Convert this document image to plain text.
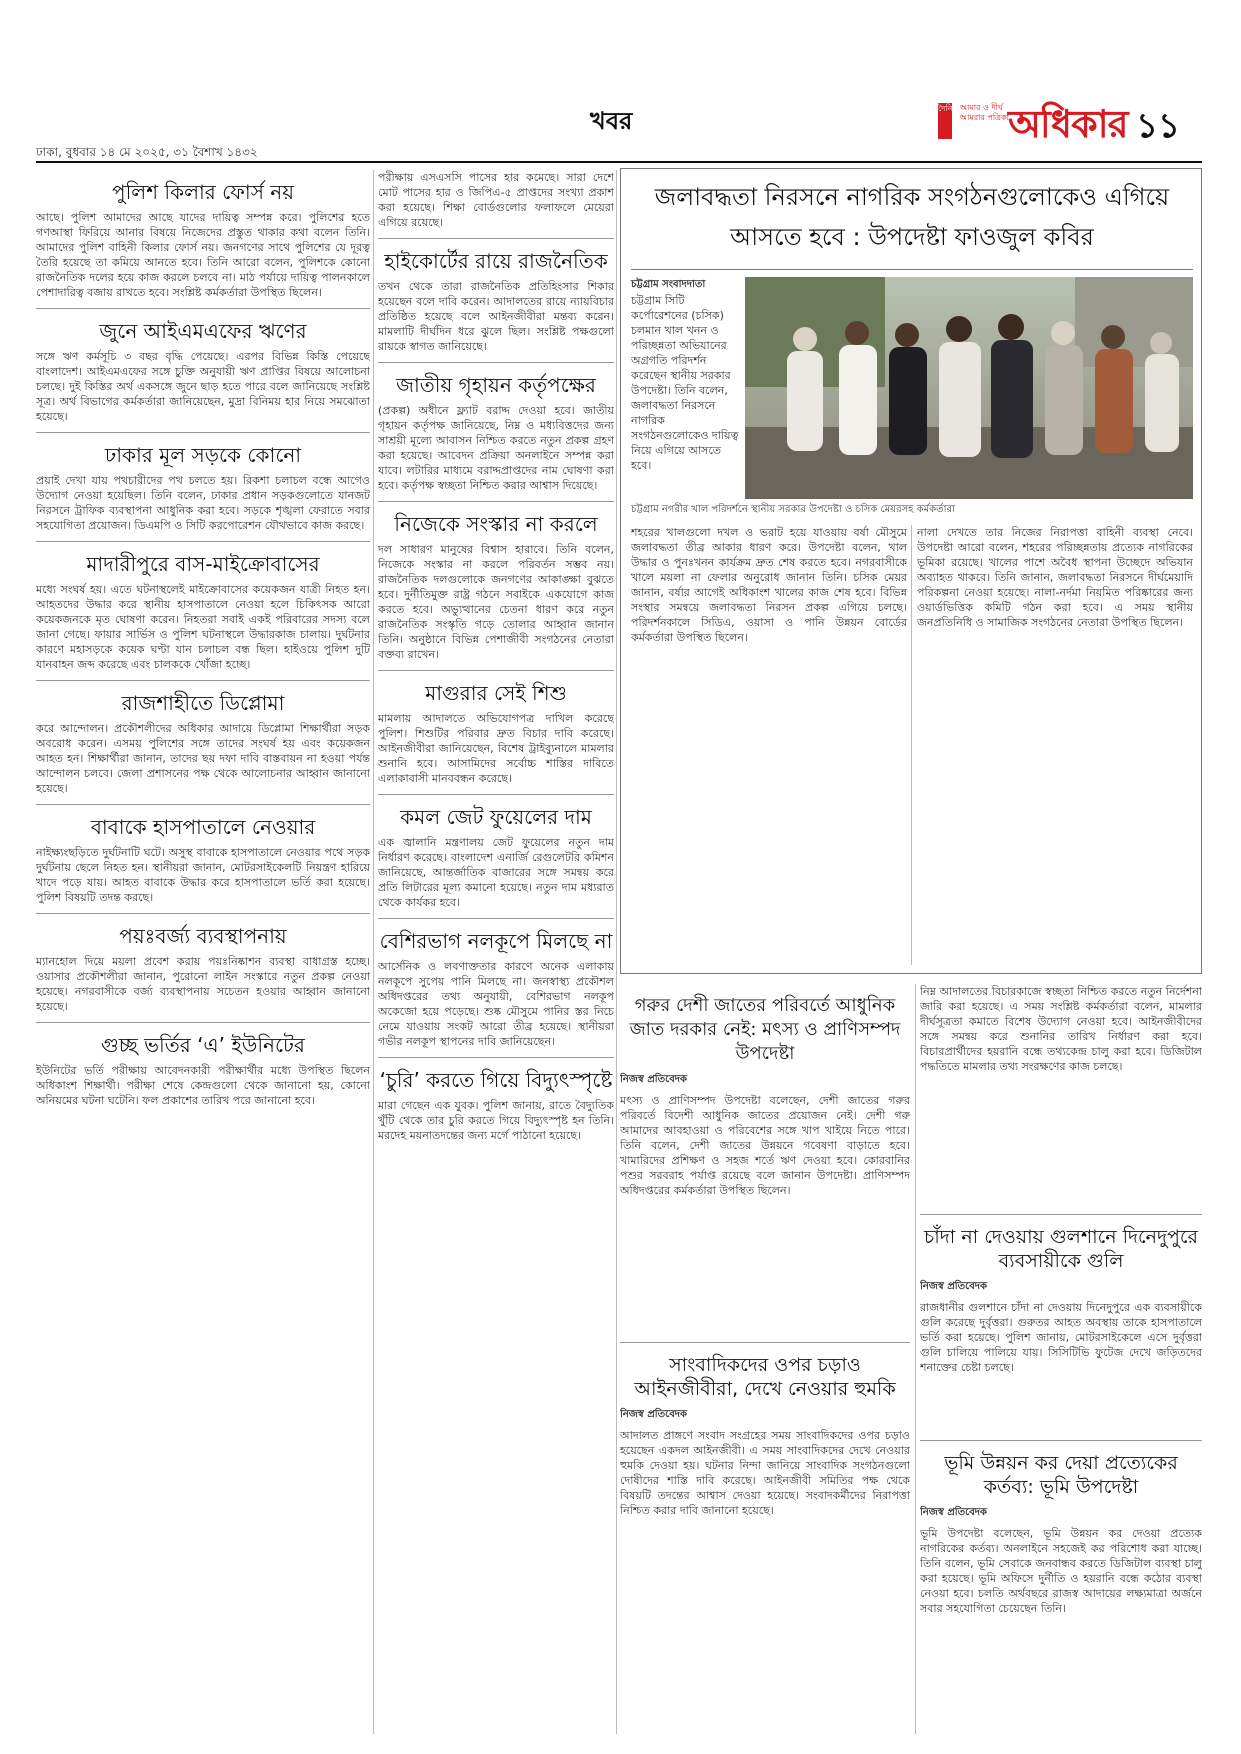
খবর
ঢাকা, বুধবার ১৪ মে ২০২৫, ৩১ বৈশাখ ১৪৩২
দৈনিক আমার ও দীর্ঘ আমরার পত্রিকা অধিকার ১১
পুলিশ কিলার ফোর্স নয়

আছে। পুলিশ আমাদের আছে যাদের দায়িত্ব সম্পন্ন করে। পুলিশের হতে গণআস্থা ফিরিয়ে আনার বিষয়ে নিজেদের প্রস্তুত থাকার কথা বলেন তিনি। আমাদের পুলিশ বাহিনী কিলার ফোর্স নয়। জনগণের সাথে পুলিশের যে দূরত্ব তৈরি হয়েছে তা কমিয়ে আনতে হবে। তিনি আরো বলেন, পুলিশকে কোনো রাজনৈতিক দলের হয়ে কাজ করলে চলবে না। মাঠ পর্যায়ে দায়িত্ব পালনকালে পেশাদারিত্ব বজায় রাখতে হবে। সংশ্লিষ্ট কর্মকর্তারা উপস্থিত ছিলেন।

জুনে আইএমএফের ঋণের

সঙ্গে ঋণ কর্মসূচি ৩ বছর বৃদ্ধি পেয়েছে। এরপর বিভিন্ন কিস্তি পেয়েছে বাংলাদেশ। আইএমএফের সঙ্গে চুক্তি অনুযায়ী ঋণ প্রাপ্তির বিষয়ে আলোচনা চলছে। দুই কিস্তির অর্থ একসঙ্গে জুনে ছাড় হতে পারে বলে জানিয়েছে সংশ্লিষ্ট সূত্র। অর্থ বিভাগের কর্মকর্তারা জানিয়েছেন, মুদ্রা বিনিময় হার নিয়ে সমঝোতা হয়েছে।

ঢাকার মূল সড়কে কোনো

প্রয়াই দেখা যায় পথচারীদের পথ চলতে হয়। রিকশা চলাচল বন্ধে আগেও উদ্যোগ নেওয়া হয়েছিল। তিনি বলেন, ঢাকার প্রধান সড়কগুলোতে যানজট নিরসনে ট্রাফিক ব্যবস্থাপনা আধুনিক করা হবে। সড়কে শৃঙ্খলা ফেরাতে সবার সহযোগিতা প্রয়োজন। ডিএমপি ও সিটি করপোরেশন যৌথভাবে কাজ করছে।

মাদারীপুরে বাস-মাইক্রোবাসের

মধ্যে সংঘর্ষ হয়। এতে ঘটনাস্থলেই মাইক্রোবাসের কয়েকজন যাত্রী নিহত হন। আহতদের উদ্ধার করে স্থানীয় হাসপাতালে নেওয়া হলে চিকিৎসক আরো কয়েকজনকে মৃত ঘোষণা করেন। নিহতরা সবাই একই পরিবারের সদস্য বলে জানা গেছে। ফায়ার সার্ভিস ও পুলিশ ঘটনাস্থলে উদ্ধারকাজ চালায়। দুর্ঘটনার কারণে মহাসড়কে কয়েক ঘণ্টা যান চলাচল বন্ধ ছিল। হাইওয়ে পুলিশ দুটি যানবাহন জব্দ করেছে এবং চালককে খোঁজা হচ্ছে।

রাজশাহীতে ডিপ্লোমা

করে আন্দোলন। প্রকৌশলীদের অধিকার আদায়ে ডিপ্লোমা শিক্ষার্থীরা সড়ক অবরোধ করেন। এসময় পুলিশের সঙ্গে তাদের সংঘর্ষ হয় এবং কয়েকজন আহত হন। শিক্ষার্থীরা জানান, তাদের ছয় দফা দাবি বাস্তবায়ন না হওয়া পর্যন্ত আন্দোলন চলবে। জেলা প্রশাসনের পক্ষ থেকে আলোচনার আহ্বান জানানো হয়েছে।

বাবাকে হাসপাতালে নেওয়ার

নাইক্ষ্যংছড়িতে দুর্ঘটনাটি ঘটে। অসুস্থ বাবাকে হাসপাতালে নেওয়ার পথে সড়ক দুর্ঘটনায় ছেলে নিহত হন। স্থানীয়রা জানান, মোটরসাইকেলটি নিয়ন্ত্রণ হারিয়ে খাদে পড়ে যায়। আহত বাবাকে উদ্ধার করে হাসপাতালে ভর্তি করা হয়েছে। পুলিশ বিষয়টি তদন্ত করছে।

পয়ঃবর্জ্য ব্যবস্থাপনায়

ম্যানহোল দিয়ে ময়লা প্রবেশ করায় পয়ঃনিষ্কাশন ব্যবস্থা বাধাগ্রস্ত হচ্ছে। ওয়াসার প্রকৌশলীরা জানান, পুরোনো লাইন সংস্কারে নতুন প্রকল্প নেওয়া হয়েছে। নগরবাসীকে বর্জ্য ব্যবস্থাপনায় সচেতন হওয়ার আহ্বান জানানো হয়েছে।

গুচ্ছ ভর্তির ‘এ’ ইউনিটের

ইউনিটের ভর্তি পরীক্ষায় আবেদনকারী পরীক্ষার্থীর মধ্যে উপস্থিত ছিলেন অধিকাংশ শিক্ষার্থী। পরীক্ষা শেষে কেন্দ্রগুলো থেকে জানানো হয়, কোনো অনিয়মের ঘটনা ঘটেনি। ফল প্রকাশের তারিখ পরে জানানো হবে।

পরীক্ষায় এসএসসি পাসের হার কমেছে। সারা দেশে মোট পাসের হার ও জিপিএ-৫ প্রাপ্তদের সংখ্যা প্রকাশ করা হয়েছে। শিক্ষা বোর্ডগুলোর ফলাফলে মেয়েরা এগিয়ে রয়েছে।

হাইকোর্টের রায়ে রাজনৈতিক

তখন থেকে তারা রাজনৈতিক প্রতিহিংসার শিকার হয়েছেন বলে দাবি করেন। আদালতের রায়ে ন্যায়বিচার প্রতিষ্ঠিত হয়েছে বলে আইনজীবীরা মন্তব্য করেন। মামলাটি দীর্ঘদিন ধরে ঝুলে ছিল। সংশ্লিষ্ট পক্ষগুলো রায়কে স্বাগত জানিয়েছে।

জাতীয় গৃহায়ন কর্তৃপক্ষের

(প্রকল্প) অধীনে ফ্ল্যাট বরাদ্দ দেওয়া হবে। জাতীয় গৃহায়ন কর্তৃপক্ষ জানিয়েছে, নিম্ন ও মধ্যবিত্তদের জন্য সাশ্রয়ী মূল্যে আবাসন নিশ্চিত করতে নতুন প্রকল্প গ্রহণ করা হয়েছে। আবেদন প্রক্রিয়া অনলাইনে সম্পন্ন করা যাবে। লটারির মাধ্যমে বরাদ্দপ্রাপ্তদের নাম ঘোষণা করা হবে। কর্তৃপক্ষ স্বচ্ছতা নিশ্চিত করার আশ্বাস দিয়েছে।

নিজেকে সংস্কার না করলে

দল সাধারণ মানুষের বিশ্বাস হারাবে। তিনি বলেন, নিজেকে সংস্কার না করলে পরিবর্তন সম্ভব নয়। রাজনৈতিক দলগুলোকে জনগণের আকাঙ্ক্ষা বুঝতে হবে। দুর্নীতিমুক্ত রাষ্ট্র গঠনে সবাইকে একযোগে কাজ করতে হবে। অভ্যুত্থানের চেতনা ধারণ করে নতুন রাজনৈতিক সংস্কৃতি গড়ে তোলার আহ্বান জানান তিনি। অনুষ্ঠানে বিভিন্ন পেশাজীবী সংগঠনের নেতারা বক্তব্য রাখেন।

মাগুরার সেই শিশু

মামলায় আদালতে অভিযোগপত্র দাখিল করেছে পুলিশ। শিশুটির পরিবার দ্রুত বিচার দাবি করেছে। আইনজীবীরা জানিয়েছেন, বিশেষ ট্রাইব্যুনালে মামলার শুনানি হবে। আসামিদের সর্বোচ্চ শাস্তির দাবিতে এলাকাবাসী মানববন্ধন করেছে।

কমল জেট ফুয়েলের দাম

এক জ্বালানি মন্ত্রণালয় জেট ফুয়েলের নতুন দাম নির্ধারণ করেছে। বাংলাদেশ এনার্জি রেগুলেটরি কমিশন জানিয়েছে, আন্তর্জাতিক বাজারের সঙ্গে সমন্বয় করে প্রতি লিটারের মূল্য কমানো হয়েছে। নতুন দাম মধ্যরাত থেকে কার্যকর হবে।

বেশিরভাগ নলকূপে মিলছে না

আর্সেনিক ও লবণাক্ততার কারণে অনেক এলাকায় নলকূপে সুপেয় পানি মিলছে না। জনস্বাস্থ্য প্রকৌশল অধিদপ্তরের তথ্য অনুযায়ী, বেশিরভাগ নলকূপ অকেজো হয়ে পড়েছে। শুষ্ক মৌসুমে পানির স্তর নিচে নেমে যাওয়ায় সংকট আরো তীব্র হয়েছে। স্থানীয়রা গভীর নলকূপ স্থাপনের দাবি জানিয়েছেন।

‘চুরি’ করতে গিয়ে বিদ্যুৎস্পৃষ্টে

মারা গেছেন এক যুবক। পুলিশ জানায়, রাতে বৈদ্যুতিক খুঁটি থেকে তার চুরি করতে গিয়ে বিদ্যুৎস্পৃষ্ট হন তিনি। মরদেহ ময়নাতদন্তের জন্য মর্গে পাঠানো হয়েছে।

জলাবদ্ধতা নিরসনে নাগরিক সংগঠনগুলোকেও এগিয়ে আসতে হবে : উপদেষ্টা ফাওজুল কবির
চট্টগ্রাম সংবাদদাতা

চট্টগ্রাম সিটি কর্পোরেশনের (চসিক) চলমান খাল খনন ও পরিচ্ছন্নতা অভিযানের অগ্রগতি পরিদর্শন করেছেন স্থানীয় সরকার উপদেষ্টা। তিনি বলেন, জলাবদ্ধতা নিরসনে নাগরিক সংগঠনগুলোকেও দায়িত্ব নিয়ে এগিয়ে আসতে হবে।

চট্টগ্রাম নগরীর খাল পরিদর্শনে স্থানীয় সরকার উপদেষ্টা ও চসিক মেয়রসহ কর্মকর্তারা

শহরের খালগুলো দখল ও ভরাট হয়ে যাওয়ায় বর্ষা মৌসুমে জলাবদ্ধতা তীব্র আকার ধারণ করে। উপদেষ্টা বলেন, খাল উদ্ধার ও পুনঃখনন কার্যক্রম দ্রুত শেষ করতে হবে। নগরবাসীকে খালে ময়লা না ফেলার অনুরোধ জানান তিনি। চসিক মেয়র জানান, বর্ষার আগেই অধিকাংশ খালের কাজ শেষ হবে। বিভিন্ন সংস্থার সমন্বয়ে জলাবদ্ধতা নিরসন প্রকল্প এগিয়ে চলছে। পরিদর্শনকালে সিডিএ, ওয়াসা ও পানি উন্নয়ন বোর্ডের কর্মকর্তারা উপস্থিত ছিলেন।

নালা দেখতে তার নিজের নিরাপত্তা বাহিনী ব্যবস্থা নেবে। উপদেষ্টা আরো বলেন, শহরের পরিচ্ছন্নতায় প্রত্যেক নাগরিকের ভূমিকা রয়েছে। খালের পাশে অবৈধ স্থাপনা উচ্ছেদে অভিযান অব্যাহত থাকবে। তিনি জানান, জলাবদ্ধতা নিরসনে দীর্ঘমেয়াদি পরিকল্পনা নেওয়া হয়েছে। নালা-নর্দমা নিয়মিত পরিষ্কারের জন্য ওয়ার্ডভিত্তিক কমিটি গঠন করা হবে। এ সময় স্থানীয় জনপ্রতিনিধি ও সামাজিক সংগঠনের নেতারা উপস্থিত ছিলেন।

গরুর দেশী জাতের পরিবর্তে আধুনিক জাত দরকার নেই: মৎস্য ও প্রাণিসম্পদ উপদেষ্টা

নিজস্ব প্রতিবেদক

মৎস্য ও প্রাণিসম্পদ উপদেষ্টা বলেছেন, দেশী জাতের গরুর পরিবর্তে বিদেশী আধুনিক জাতের প্রয়োজন নেই। দেশী গরু আমাদের আবহাওয়া ও পরিবেশের সঙ্গে খাপ খাইয়ে নিতে পারে। তিনি বলেন, দেশী জাতের উন্নয়নে গবেষণা বাড়াতে হবে। খামারিদের প্রশিক্ষণ ও সহজ শর্তে ঋণ দেওয়া হবে। কোরবানির পশুর সরবরাহ পর্যাপ্ত রয়েছে বলে জানান উপদেষ্টা। প্রাণিসম্পদ অধিদপ্তরের কর্মকর্তারা উপস্থিত ছিলেন।

সাংবাদিকদের ওপর চড়াও আইনজীবীরা, দেখে নেওয়ার হুমকি

নিজস্ব প্রতিবেদক

আদালত প্রাঙ্গণে সংবাদ সংগ্রহের সময় সাংবাদিকদের ওপর চড়াও হয়েছেন একদল আইনজীবী। এ সময় সাংবাদিকদের দেখে নেওয়ার হুমকি দেওয়া হয়। ঘটনার নিন্দা জানিয়ে সাংবাদিক সংগঠনগুলো দোষীদের শাস্তি দাবি করেছে। আইনজীবী সমিতির পক্ষ থেকে বিষয়টি তদন্তের আশ্বাস দেওয়া হয়েছে। সংবাদকর্মীদের নিরাপত্তা নিশ্চিত করার দাবি জানানো হয়েছে।

নিম্ন আদালতের বিচারকাজে স্বচ্ছতা নিশ্চিত করতে নতুন নির্দেশনা জারি করা হয়েছে। এ সময় সংশ্লিষ্ট কর্মকর্তারা বলেন, মামলার দীর্ঘসূত্রতা কমাতে বিশেষ উদ্যোগ নেওয়া হবে। আইনজীবীদের সঙ্গে সমন্বয় করে শুনানির তারিখ নির্ধারণ করা হবে। বিচারপ্রার্থীদের হয়রানি বন্ধে তথ্যকেন্দ্র চালু করা হবে। ডিজিটাল পদ্ধতিতে মামলার তথ্য সংরক্ষণের কাজ চলছে।

চাঁদা না দেওয়ায় গুলশানে দিনেদুপুরে ব্যবসায়ীকে গুলি

নিজস্ব প্রতিবেদক

রাজধানীর গুলশানে চাঁদা না দেওয়ায় দিনেদুপুরে এক ব্যবসায়ীকে গুলি করেছে দুর্বৃত্তরা। গুরুতর আহত অবস্থায় তাকে হাসপাতালে ভর্তি করা হয়েছে। পুলিশ জানায়, মোটরসাইকেলে এসে দুর্বৃত্তরা গুলি চালিয়ে পালিয়ে যায়। সিসিটিভি ফুটেজ দেখে জড়িতদের শনাক্তের চেষ্টা চলছে।

ভূমি উন্নয়ন কর দেয়া প্রত্যেকের কর্তব্য: ভূমি উপদেষ্টা

নিজস্ব প্রতিবেদক

ভূমি উপদেষ্টা বলেছেন, ভূমি উন্নয়ন কর দেওয়া প্রত্যেক নাগরিকের কর্তব্য। অনলাইনে সহজেই কর পরিশোধ করা যাচ্ছে। তিনি বলেন, ভূমি সেবাকে জনবান্ধব করতে ডিজিটাল ব্যবস্থা চালু করা হয়েছে। ভূমি অফিসে দুর্নীতি ও হয়রানি বন্ধে কঠোর ব্যবস্থা নেওয়া হবে। চলতি অর্থবছরে রাজস্ব আদায়ের লক্ষ্যমাত্রা অর্জনে সবার সহযোগিতা চেয়েছেন তিনি।
